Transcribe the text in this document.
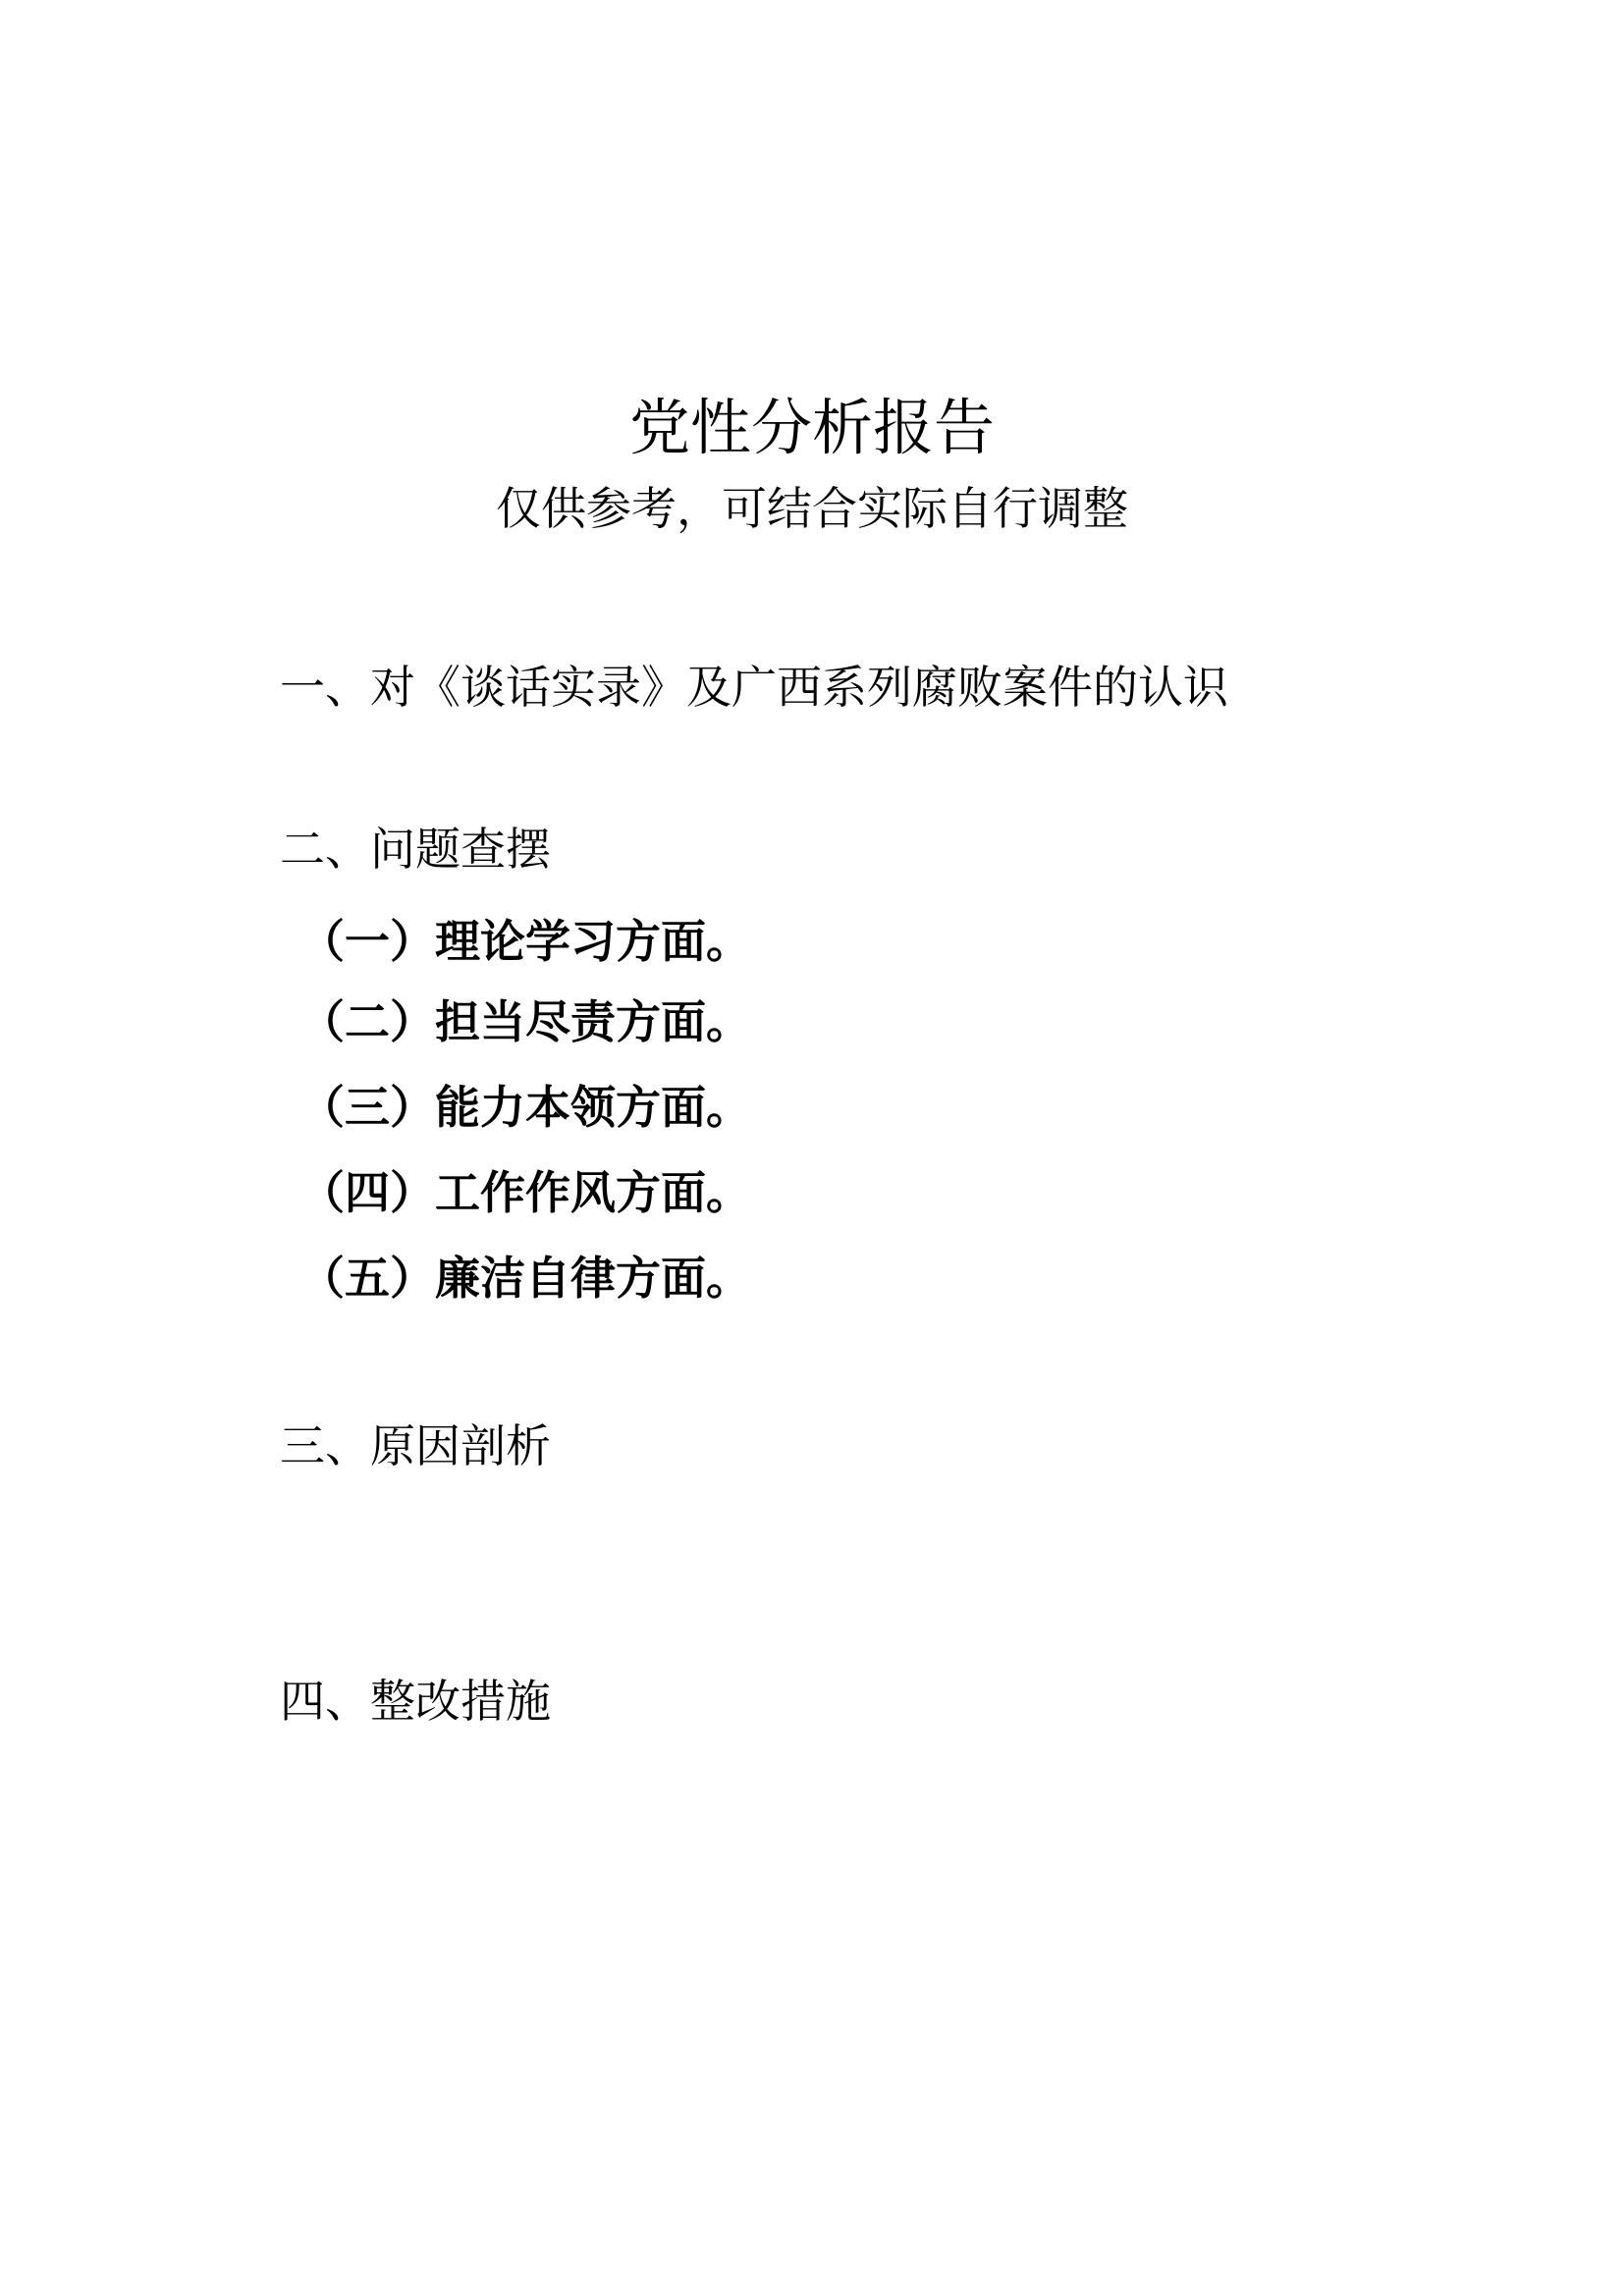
党性分析报告

仅供参考，可结合实际自行调整

一、对《谈话实录》及广西系列腐败案件的认识
二、问题查摆

（一）理论学习方面。

（二）担当尽责方面。

（三）能力本领方面。

（四）工作作风方面。

（五）廉洁自律方面。

三、原因剖析
四、整改措施
